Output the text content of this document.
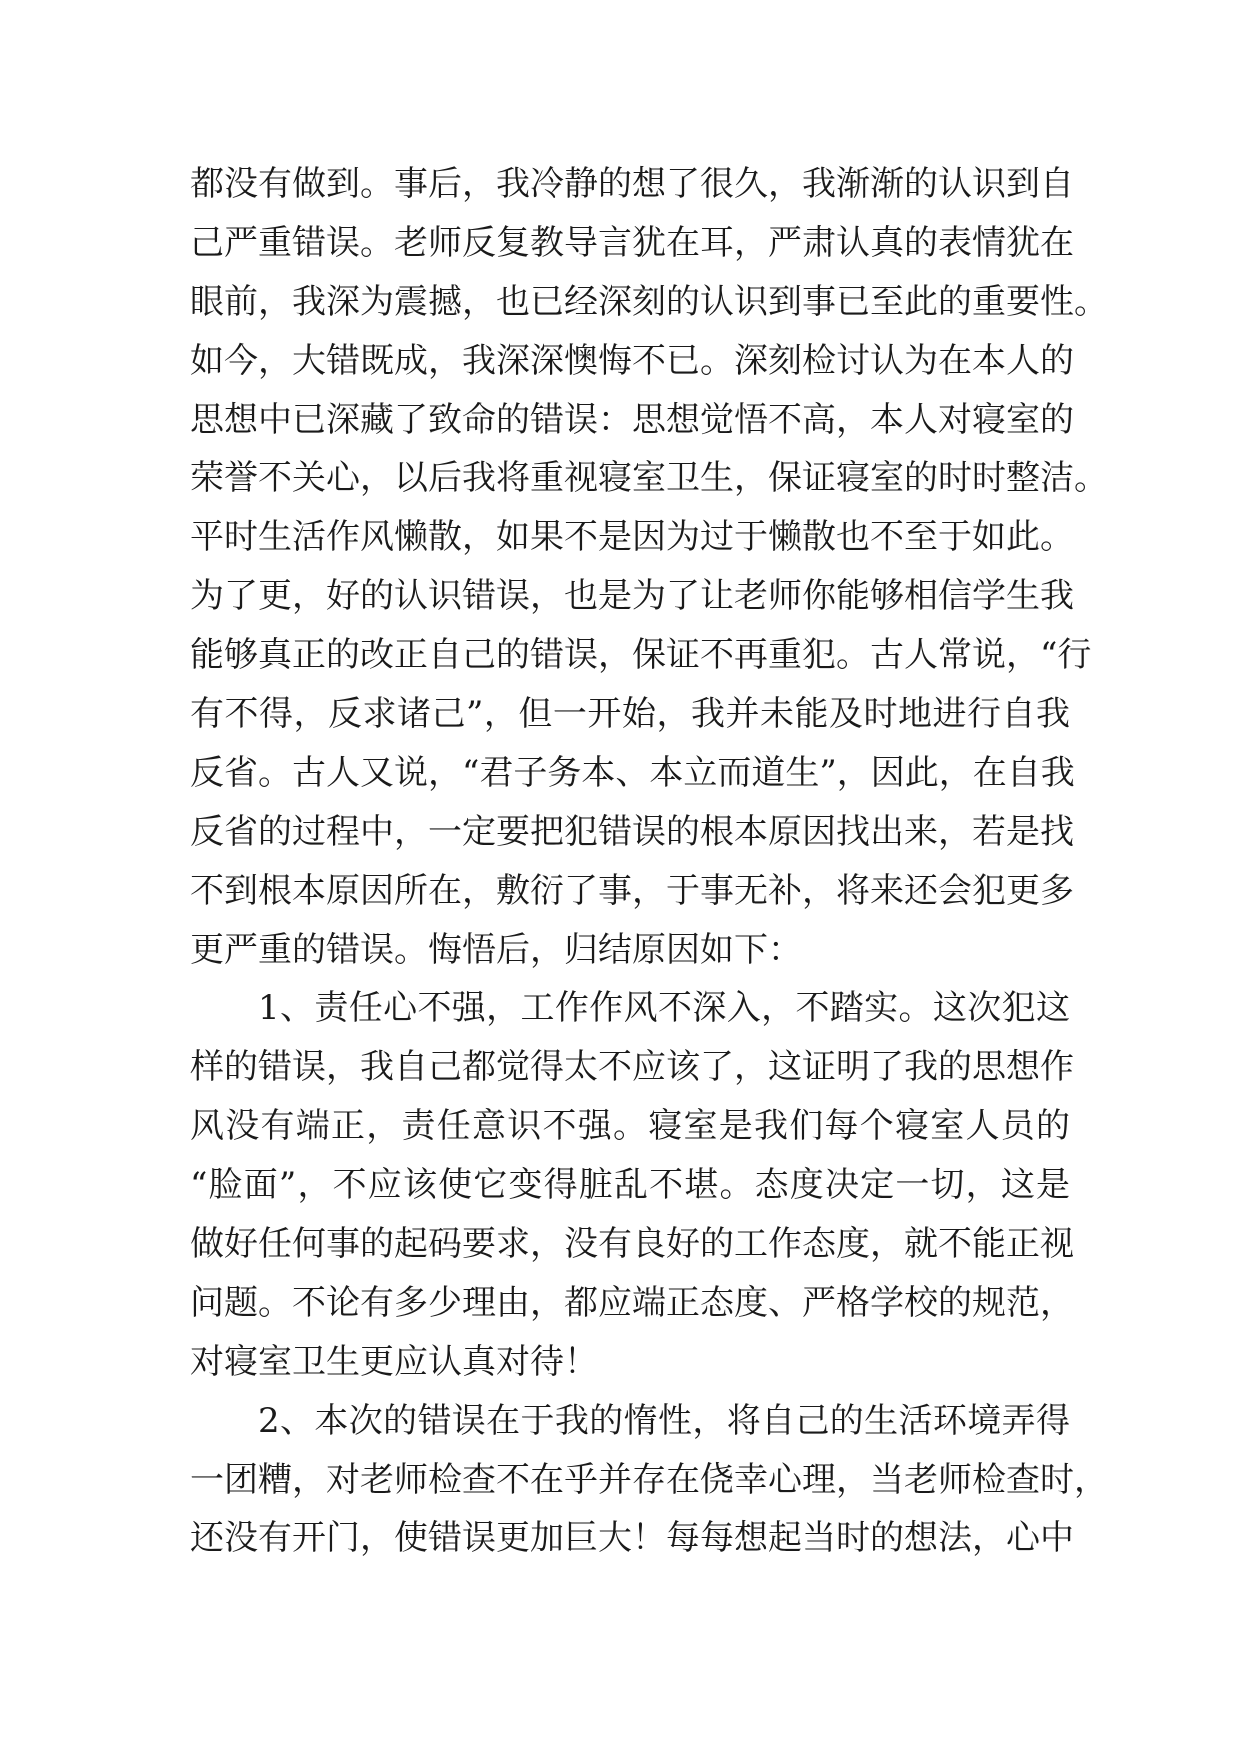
都没有做到。事后，我冷静的想了很久，我渐渐的认识到自
己严重错误。老师反复教导言犹在耳，严肃认真的表情犹在
眼前，我深为震撼，也已经深刻的认识到事已至此的重要性。
如今，大错既成，我深深懊悔不已。深刻检讨认为在本人的
思想中已深藏了致命的错误：思想觉悟不高，本人对寝室的
荣誉不关心，以后我将重视寝室卫生，保证寝室的时时整洁。
平时生活作风懒散，如果不是因为过于懒散也不至于如此。
为了更，好的认识错误，也是为了让老师你能够相信学生我
能够真正的改正自己的错误，保证不再重犯。古人常说，“行
有不得，反求诸己”，但一开始，我并未能及时地进行自我
反省。古人又说，“君子务本、本立而道生”，因此，在自我
反省的过程中，一定要把犯错误的根本原因找出来，若是找
不到根本原因所在，敷衍了事，于事无补，将来还会犯更多
更严重的错误。悔悟后，归结原因如下：
1、责任心不强，工作作风不深入，不踏实。这次犯这
样的错误，我自己都觉得太不应该了，这证明了我的思想作
风没有端正，责任意识不强。寝室是我们每个寝室人员的
“脸面”，不应该使它变得脏乱不堪。态度决定一切，这是
做好任何事的起码要求，没有良好的工作态度，就不能正视
问题。不论有多少理由，都应端正态度、严格学校的规范，
对寝室卫生更应认真对待！
2、本次的错误在于我的惰性，将自己的生活环境弄得
一团糟，对老师检查不在乎并存在侥幸心理，当老师检查时，
还没有开门，使错误更加巨大！每每想起当时的想法，心中
